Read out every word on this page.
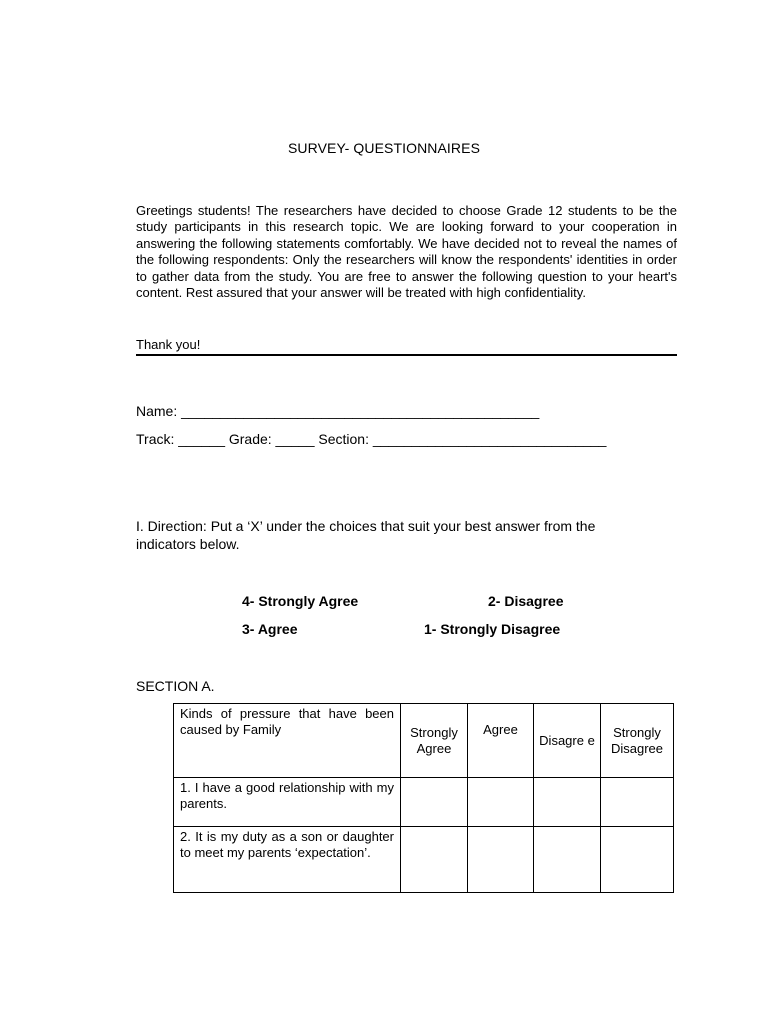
SURVEY- QUESTIONNAIRES
Greetings students! The researchers have decided to choose Grade 12 students to be the study participants in this research topic. We are looking forward to your cooperation in answering the following statements comfortably. We have decided not to reveal the names of the following respondents: Only the researchers will know the respondents' identities in order to gather data from the study. You are free to answer the following question to your heart's content. Rest assured that your answer will be treated with high confidentiality.
Thank you!
Name: ______________________________________________
Track: ______ Grade: _____ Section: ______________________________
I. Direction: Put a ‘X’ under the choices that suit your best answer from the indicators below.
4- Strongly Agree	2- Disagree
3- Agree	1- Strongly Disagree
SECTION A.
Kinds of pressure that have been caused by Family	Strongly Agree	Agree	Disagre e	Strongly Disagree
1. I have a good relationship with my parents.				
2. It is my duty as a son or daughter to meet my parents ‘expectation’.				
